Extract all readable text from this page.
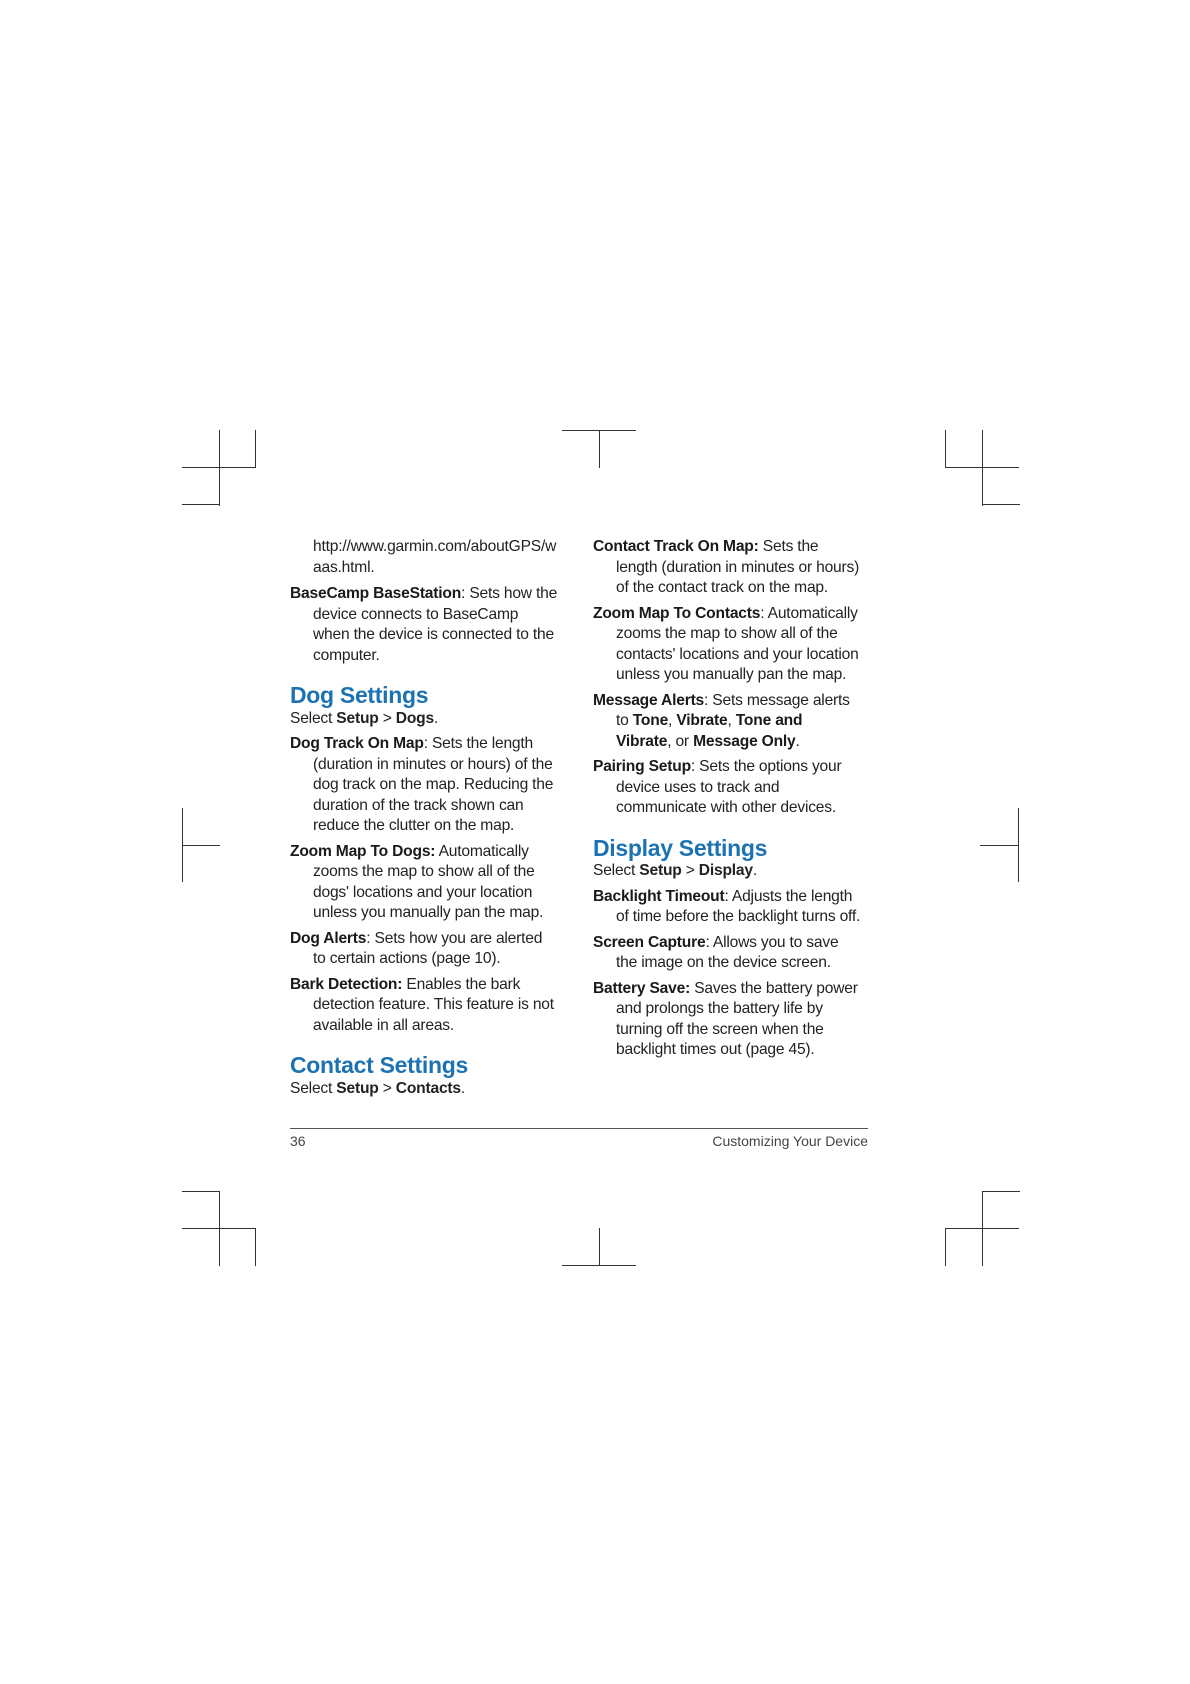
http://www.garmin.com/aboutGPS/waas.html.

BaseCamp BaseStation: Sets how the device connects to BaseCamp when the device is connected to the computer.

Dog Settings

Select Setup > Dogs.

Dog Track On Map: Sets the length (duration in minutes or hours) of the dog track on the map. Reducing the duration of the track shown can reduce the clutter on the map.

Zoom Map To Dogs: Automatically zooms the map to show all of the dogs' locations and your location unless you manually pan the map.

Dog Alerts: Sets how you are alerted to certain actions (page 10).

Bark Detection: Enables the bark detection feature. This feature is not available in all areas.

Contact Settings

Select Setup > Contacts.

Contact Track On Map: Sets the length (duration in minutes or hours) of the contact track on the map.

Zoom Map To Contacts: Automatically zooms the map to show all of the contacts' locations and your location unless you manually pan the map.

Message Alerts: Sets message alerts to Tone, Vibrate, Tone and Vibrate, or Message Only.

Pairing Setup: Sets the options your device uses to track and communicate with other devices.

Display Settings

Select Setup > Display.

Backlight Timeout: Adjusts the length of time before the backlight turns off.

Screen Capture: Allows you to save the image on the device screen.

Battery Save: Saves the battery power and prolongs the battery life by turning off the screen when the backlight times out (page 45).

36	Customizing Your Device
